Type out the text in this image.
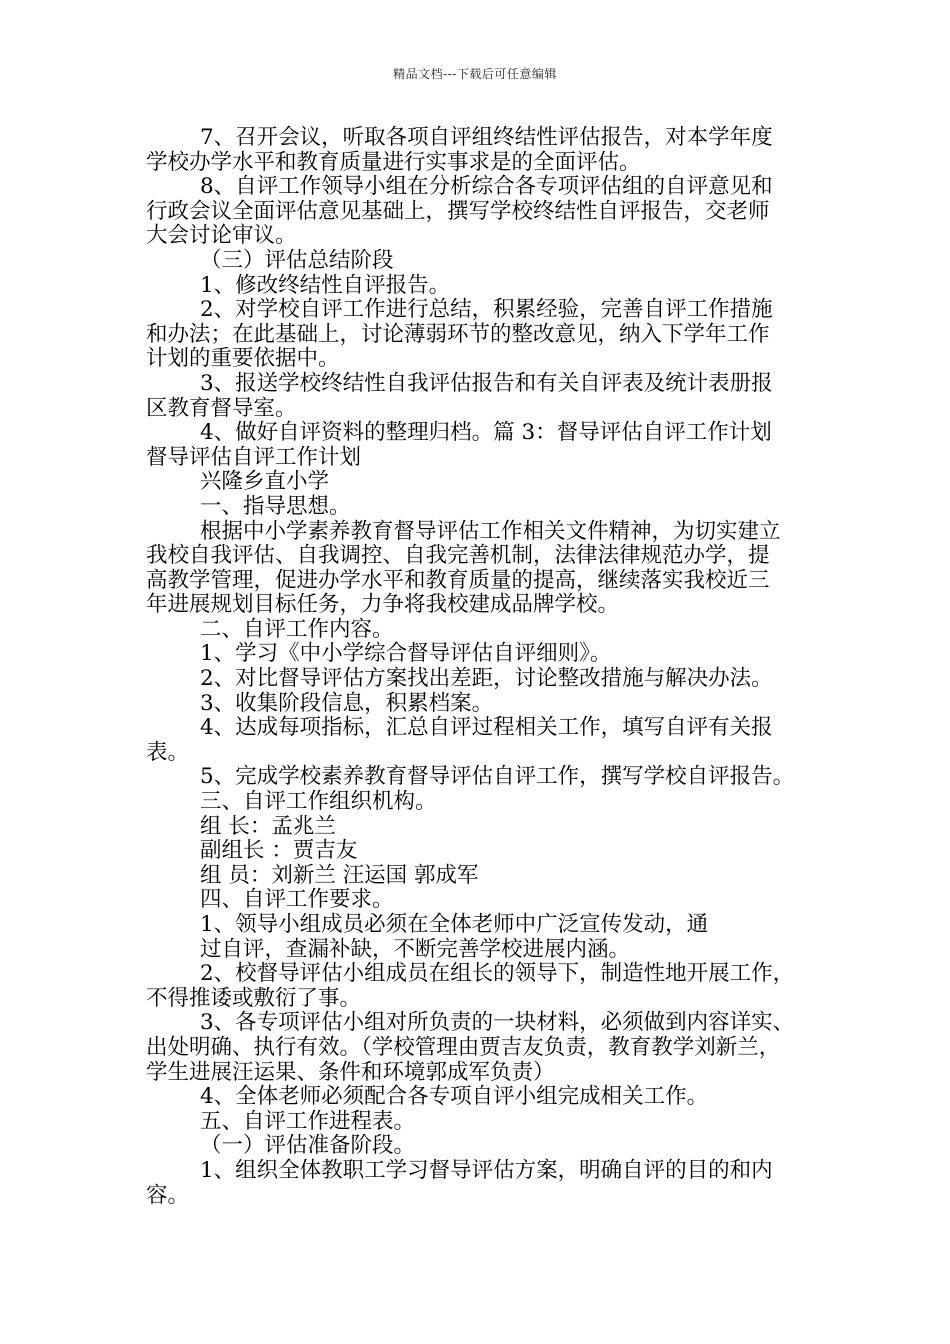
精品文档---下载后可任意编辑

7、召开会议，听取各项自评组终结性评估报告，对本学年度

学校办学水平和教育质量进行实事求是的全面评估。

8、自评工作领导小组在分析综合各专项评估组的自评意见和

行政会议全面评估意见基础上，撰写学校终结性自评报告，交老师

大会讨论审议。

（三）评估总结阶段

1、修改终结性自评报告。

2、对学校自评工作进行总结，积累经验，完善自评工作措施

和办法；在此基础上，讨论薄弱环节的整改意见，纳入下学年工作

计划的重要依据中。

3、报送学校终结性自我评估报告和有关自评表及统计表册报

区教育督导室。

4、做好自评资料的整理归档。篇 3：督导评估自评工作计划

督导评估自评工作计划

兴隆乡直小学

一、指导思想。

根据中小学素养教育督导评估工作相关文件精神，为切实建立

我校自我评估、自我调控、自我完善机制，法律法律规范办学，提

高教学管理，促进办学水平和教育质量的提高，继续落实我校近三

年进展规划目标任务，力争将我校建成品牌学校。

二、自评工作内容。

1、学习《中小学综合督导评估自评细则》。

2、对比督导评估方案找出差距，讨论整改措施与解决办法。

3、收集阶段信息，积累档案。

4、达成每项指标，汇总自评过程相关工作，填写自评有关报

表。

5、完成学校素养教育督导评估自评工作，撰写学校自评报告。

三、自评工作组织机构。

组 长：孟兆兰

副组长 ：贾吉友

组 员：刘新兰 汪运国 郭成军

四、自评工作要求。

1、领导小组成员必须在全体老师中广泛宣传发动，通

过自评，查漏补缺，不断完善学校进展内涵。

2、校督导评估小组成员在组长的领导下，制造性地开展工作，

不得推诿或敷衍了事。

3、各专项评估小组对所负责的一块材料，必须做到内容详实、

出处明确、执行有效。（学校管理由贾吉友负责，教育教学刘新兰，

学生进展汪运果、条件和环境郭成军负责）

4、全体老师必须配合各专项自评小组完成相关工作。

五、自评工作进程表。

（一）评估准备阶段。

1、组织全体教职工学习督导评估方案，明确自评的目的和内

容。
